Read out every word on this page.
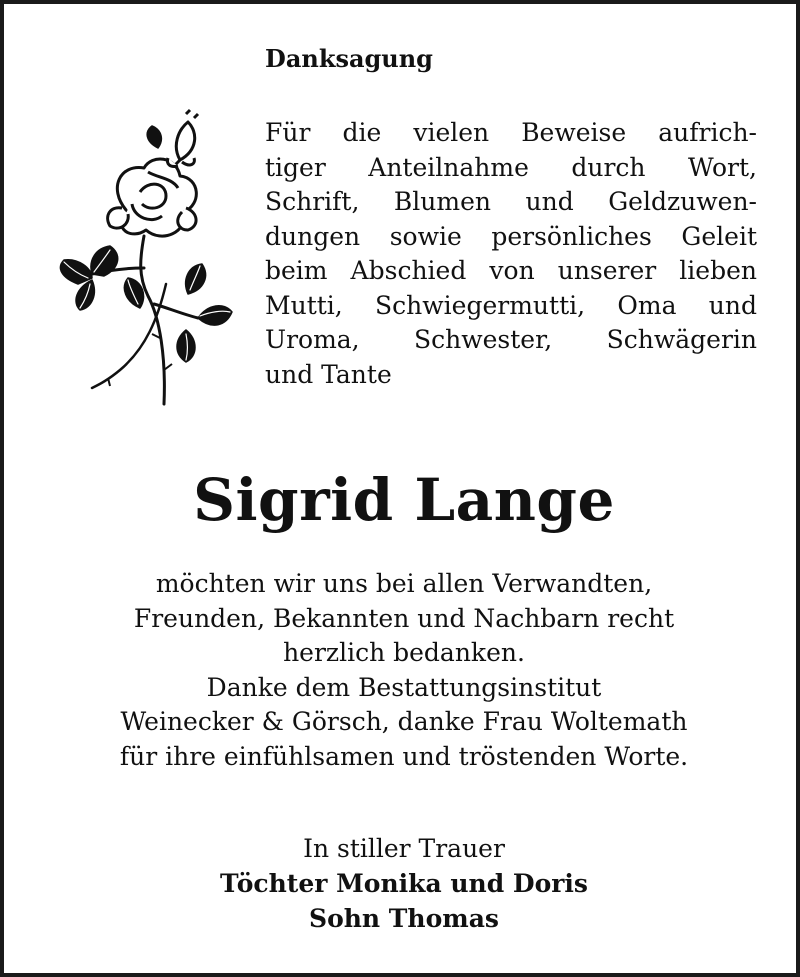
Danksagung
Für die vielen Beweise aufrich-
tiger Anteilnahme durch Wort,
Schrift, Blumen und Geldzuwen-
dungen sowie persönliches Geleit
beim Abschied von unserer lieben
Mutti, Schwiegermutti, Oma und
Uroma, Schwester, Schwägerin
und Tante
Sigrid Lange
möchten wir uns bei allen Verwandten,
Freunden, Bekannten und Nachbarn recht
herzlich bedanken.
Danke dem Bestattungsinstitut
Weinecker & Görsch, danke Frau Woltemath
für ihre einfühlsamen und tröstenden Worte.
In stiller Trauer
Töchter Monika und Doris
Sohn Thomas
